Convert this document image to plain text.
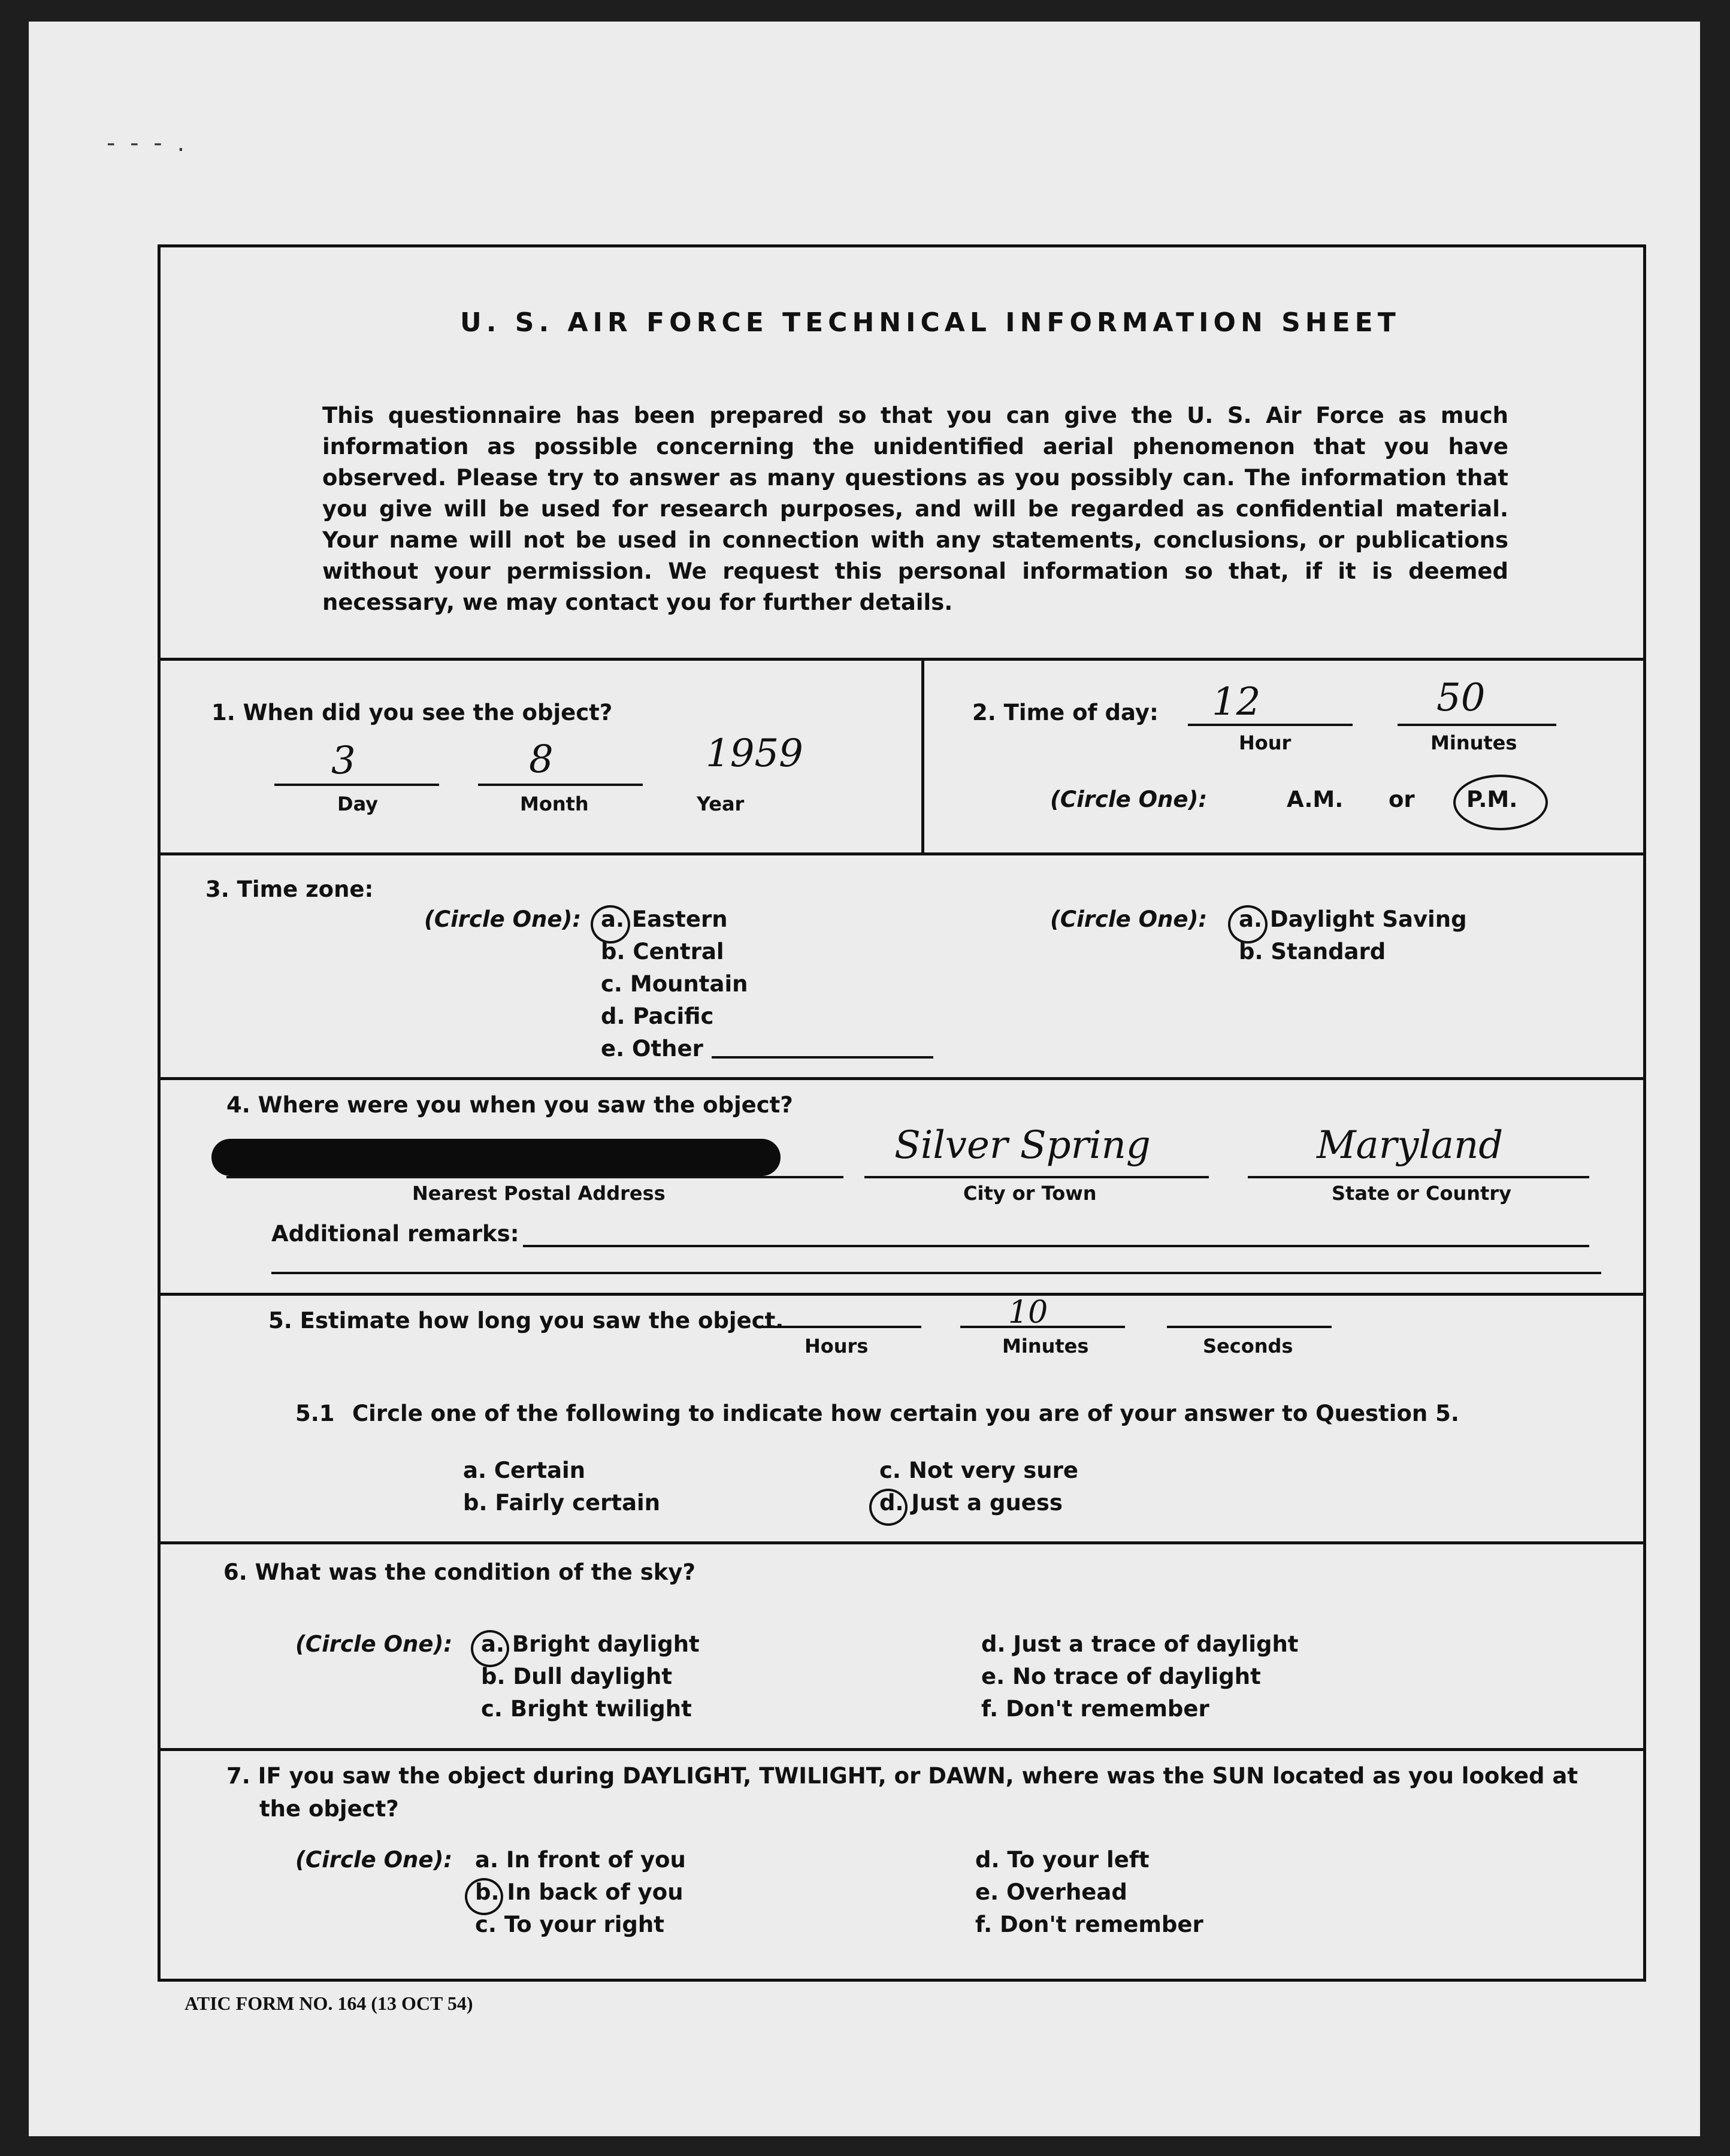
- - - .
U. S. AIR FORCE TECHNICAL INFORMATION SHEET
This questionnaire has been prepared so that you can give the U. S. Air Force as much information as possible concerning the unidentified aerial phenomenon that you have observed. Please try to answer as many questions as you possibly can. The information that you give will be used for research purposes, and will be regarded as confidential material. Your name will not be used in connection with any statements, conclusions, or publications without your permission. We request this personal information so that, if it is deemed necessary, we may contact you for further details.
1. When did you see the object?
3
Day
8
Month
1959
Year
2. Time of day: 12
Hour
50
Minutes
(Circle One):	A.M. or P.M.
3. Time zone:
(Circle One): a. Eastern
b. Central
c. Mountain
d. Pacific
e. Other
(Circle One): a. Daylight Saving
b. Standard
4. Where were you when you saw the object?
Nearest Postal Address
Silver Spring
City or Town
Maryland
State or Country
Additional remarks:
5. Estimate how long you saw the object.
Hours
10
Minutes	Seconds
5.1 Circle one of the following to indicate how certain you are of your answer to Question 5.
a. Certain
b. Fairly certain
c. Not very sure
d. Just a guess
6. What was the condition of the sky?
(Circle One): a. Bright daylight
b. Dull daylight
c. Bright twilight
d. Just a trace of daylight
e. No trace of daylight
f. Don't remember
7. IF you saw the object during DAYLIGHT, TWILIGHT, or DAWN, where was the SUN located as you looked at
the object?
(Circle One): a. In front of you
b. In back of you
c. To your right
d. To your left
e. Overhead
f. Don't remember
ATIC FORM NO. 164 (13 OCT 54)
